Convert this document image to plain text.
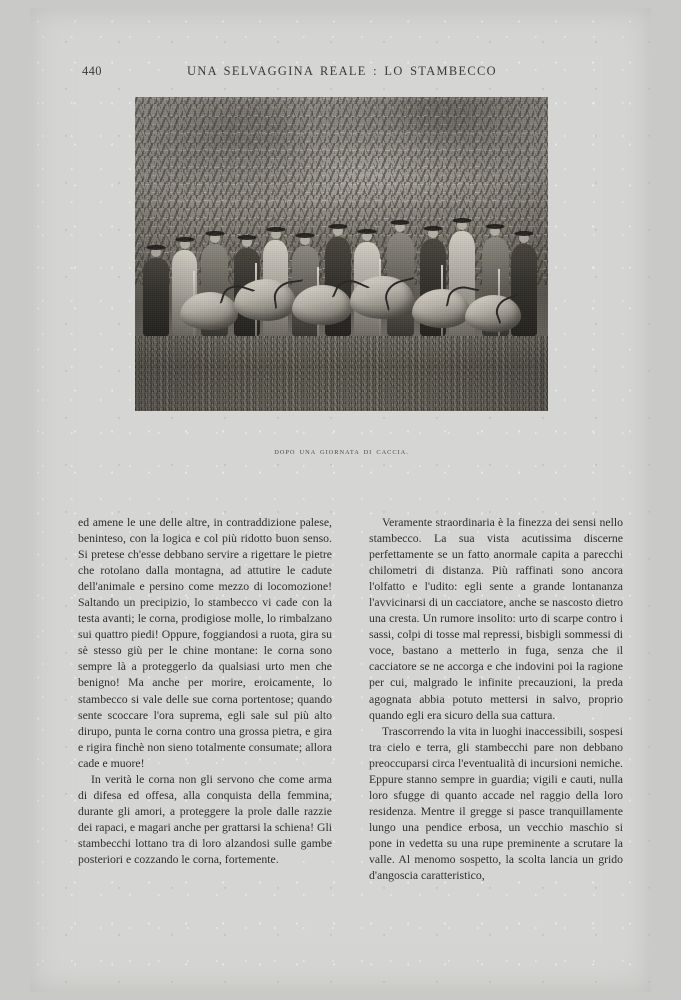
440	UNA SELVAGGINA REALE : LO STAMBECCO
DOPO UNA GIORNATA DI CACCIA.

ed amene le une delle altre, in contraddizione palese, beninteso, con la logica e col più ridotto buon senso. Si pretese ch'esse debbano servire a rigettare le pietre che rotolano dalla montagna, ad attutire le cadute dell'animale e persino come mezzo di locomozione! Saltando un precipizio, lo stambecco vi cade con la testa avanti; le corna, prodigiose molle, lo rimbalzano sui quattro piedi! Oppure, foggiandosi a ruota, gira su sè stesso giù per le chine montane: le corna sono sempre là a proteggerlo da qualsiasi urto men che benigno! Ma anche per morire, eroicamente, lo stambecco si vale delle sue corna portentose; quando sente scoccare l'ora suprema, egli sale sul più alto dirupo, punta le corna contro una grossa pietra, e gira e rigira finchè non sieno totalmente consumate; allora cade e muore!

In verità le corna non gli servono che come arma di difesa ed offesa, alla conquista della femmina, durante gli amori, a proteggere la prole dalle razzie dei rapaci, e magari anche per grattarsi la schiena! Gli stambecchi lottano tra di loro alzandosi sulle gambe posteriori e cozzando le corna, fortemente.

Veramente straordinaria è la finezza dei sensi nello stambecco. La sua vista acutissima discerne perfettamente se un fatto anormale capita a parecchi chilometri di distanza. Più raffinati sono ancora l'olfatto e l'udito: egli sente a grande lontananza l'avvicinarsi di un cacciatore, anche se nascosto dietro una cresta. Un rumore insolito: urto di scarpe contro i sassi, colpi di tosse mal repressi, bisbigli sommessi di voce, bastano a metterlo in fuga, senza che il cacciatore se ne accorga e che indovini poi la ragione per cui, malgrado le infinite precauzioni, la preda agognata abbia potuto mettersi in salvo, proprio quando egli era sicuro della sua cattura.

Trascorrendo la vita in luoghi inaccessibili, sospesi tra cielo e terra, gli stambecchi pare non debbano preoccuparsi circa l'eventualità di incursioni nemiche. Eppure stanno sempre in guardia; vigili e cauti, nulla loro sfugge di quanto accade nel raggio della loro residenza. Mentre il gregge si pasce tranquillamente lungo una pendice erbosa, un vecchio maschio si pone in vedetta su una rupe preminente a scrutare la valle. Al menomo sospetto, la scolta lancia un grido d'angoscia caratteristico,
